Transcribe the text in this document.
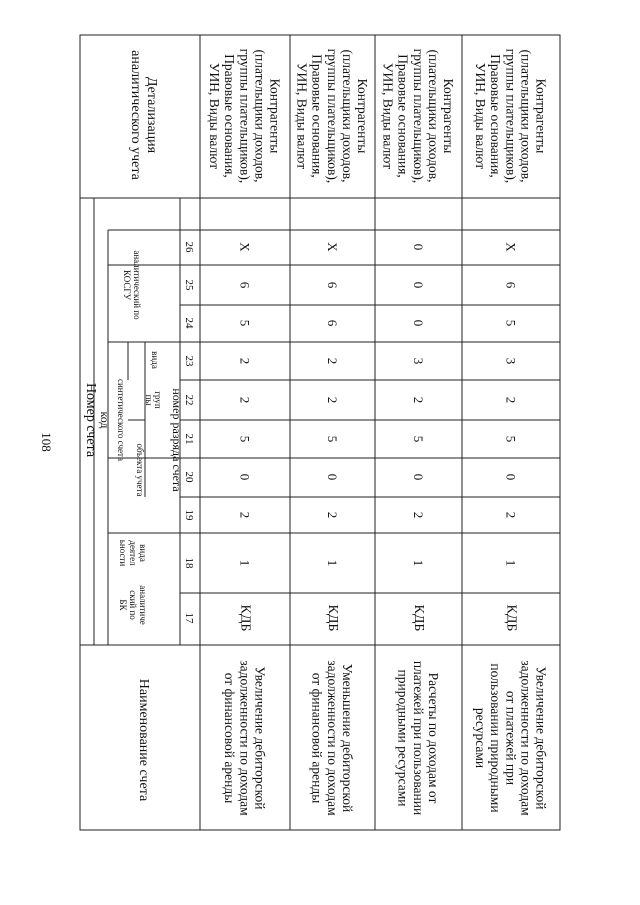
108
Наименование счета
Номер счета код
аналитический поБК
видадеятельности
синтетического счета
объекта учета
группы
вида
аналитический поКОСГУ
номер разряда счета
Детализацияаналитического учета
17
18
19
20
21
22
23
24
25
26
Увеличение дебиторскойзадолженности по доходамот финансовой аренды
КДБ
1
2
0
5
2
2
5
6
Х
Контрагенты(плательщики доходов,группы плательщиков),Правовые основания,УИН, Виды валют
Уменьшение дебиторскойзадолженности по доходамот финансовой аренды
КДБ
1
2
0
5
2
2
6
6
Х
Контрагенты(плательщики доходов,группы плательщиков),Правовые основания,УИН, Виды валют
Расчеты по доходам отплатежей при пользованииприродными ресурсами
КДБ
1
2
0
5
2
3
0
0
0
Контрагенты(плательщики доходов,группы плательщиков),Правовые основания,УИН, Виды валют
Увеличение дебиторскойзадолженности по доходамот платежей припользовании природнымиресурсами
КДБ
1
2
0
5
2
3
5
6
Х
Контрагенты(плательщики доходов,группы плательщиков),Правовые основания,УИН, Виды валют
